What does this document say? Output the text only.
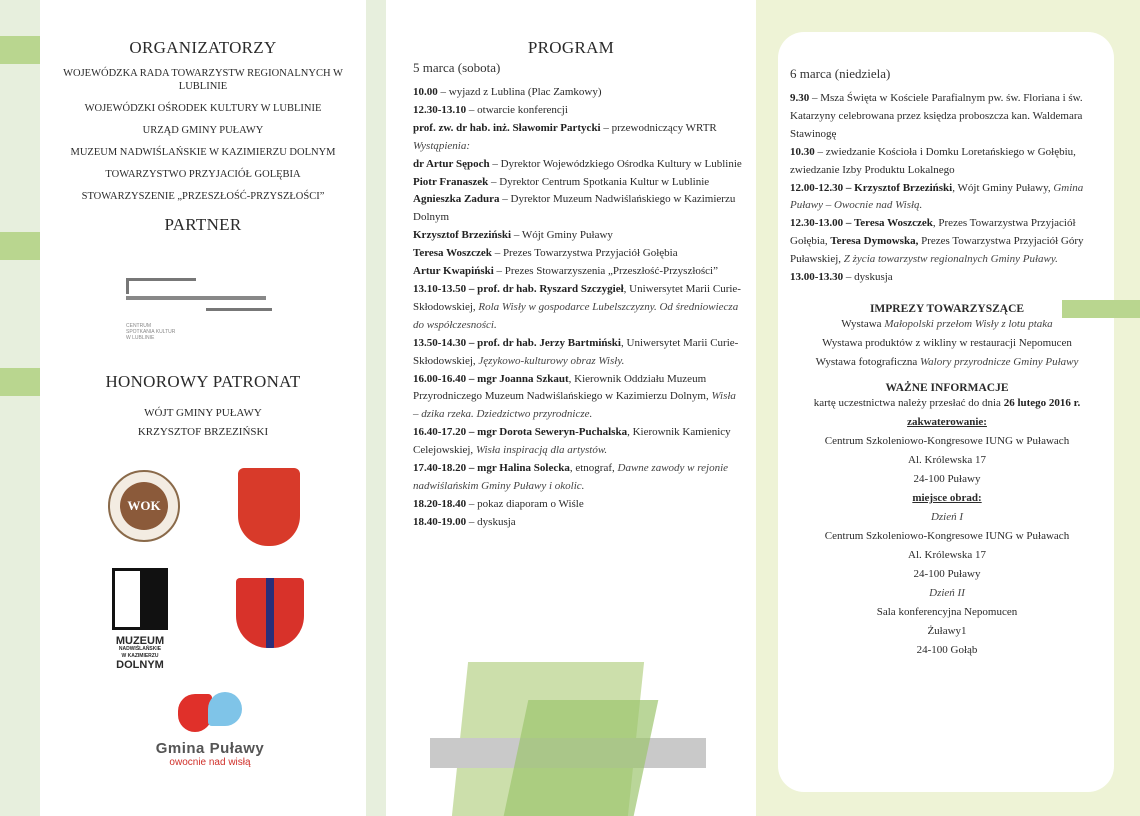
ORGANIZATORZY
WOJEWÓDZKA RADA TOWARZYSTW REGIONALNYCH W LUBLINIE
WOJEWÓDZKI OŚRODEK KULTURY W LUBLINIE
URZĄD GMINY PUŁAWY
MUZEUM NADWIŚLAŃSKIE W KAZIMIERZU DOLNYM
TOWARZYSTWO PRZYJACIÓŁ GOLĘBIA
STOWARZYSZENIE „PRZESZŁOŚĆ-PRZYSZŁOŚCI”
PARTNER
CENTRUM SPOTKANIA KULTUR W LUBLINIE
HONOROWY PATRONAT
WÓJT GMINY PUŁAWY
KRZYSZTOF BRZEZIŃSKI
WOK
MUZEUM
NADWIŚLAŃSKIE
W KAZIMIERZU
DOLNYM
Gmina Puławy
owocnie nad wisłą
PROGRAM
5 marca (sobota)

10.00 – wyjazd z Lublina (Plac Zamkowy)

12.30-13.10 – otwarcie konferencji

prof. zw. dr hab. inż. Sławomir Partycki – przewodniczący WRTR

Wystąpienia:

dr Artur Sępoch – Dyrektor Wojewódzkiego Ośrodka Kultury w Lublinie

Piotr Franaszek – Dyrektor Centrum Spotkania Kultur w Lublinie

Agnieszka Zadura – Dyrektor Muzeum Nadwiślańskiego w Kazimierzu Dolnym

Krzysztof Brzeziński – Wójt Gminy Puławy

Teresa Woszczek – Prezes Towarzystwa Przyjaciół Gołębia

Artur Kwapiński – Prezes Stowarzyszenia „Przeszłość-Przyszłości”

13.10-13.50 – prof. dr hab. Ryszard Szczygieł, Uniwersytet Marii Curie-Skłodowskiej, Rola Wisły w gospodarce Lubelszczyzny. Od średniowiecza do współczesności.

13.50-14.30 – prof. dr hab. Jerzy Bartmiński, Uniwersytet Marii Curie-Skłodowskiej, Językowo-kulturowy obraz Wisły.

16.00-16.40 – mgr Joanna Szkaut, Kierownik Oddziału Muzeum Przyrodniczego Muzeum Nadwiślańskiego w Kazimierzu Dolnym, Wisła – dzika rzeka. Dziedzictwo przyrodnicze.

16.40-17.20 – mgr Dorota Seweryn-Puchalska, Kierownik Kamienicy Celejowskiej, Wisła inspiracją dla artystów.

17.40-18.20 – mgr Halina Solecka, etnograf, Dawne zawody w rejonie nadwiślańskim Gminy Puławy i okolic.

18.20-18.40 – pokaz diaporam o Wiśle

18.40-19.00 – dyskusja

6 marca (niedziela)

9.30 – Msza Święta w Kościele Parafialnym pw. św. Floriana i św. Katarzyny celebrowana przez księdza proboszcza kan. Waldemara Stawinogę

10.30 – zwiedzanie Kościoła i Domku Loretańskiego w Gołębiu, zwiedzanie Izby Produktu Lokalnego

12.00-12.30 – Krzysztof Brzeziński, Wójt Gminy Puławy, Gmina Puławy – Owocnie nad Wisłą.

12.30-13.00 – Teresa Woszczek, Prezes Towarzystwa Przyjaciół Gołębia, Teresa Dymowska, Prezes Towarzystwa Przyjaciół Góry Puławskiej, Z życia towarzystw regionalnych Gminy Puławy.

13.00-13.30 – dyskusja

IMPREZY TOWARZYSZĄCE

Wystawa Małopolski przełom Wisły z lotu ptaka

Wystawa produktów z wikliny w restauracji Nepomucen

Wystawa fotograficzna Walory przyrodnicze Gminy Puławy

WAŻNE INFORMACJE

kartę uczestnictwa należy przesłać do dnia 26 lutego 2016 r.

zakwaterowanie:
Centrum Szkoleniowo-Kongresowe IUNG w Puławach
Al. Królewska 17
24-100 Puławy
miejsce obrad:
Dzień I
Centrum Szkoleniowo-Kongresowe IUNG w Puławach
Al. Królewska 17
24-100 Puławy
Dzień II
Sala konferencyjna Nepomucen
Żuławy1
24-100 Gołąb
